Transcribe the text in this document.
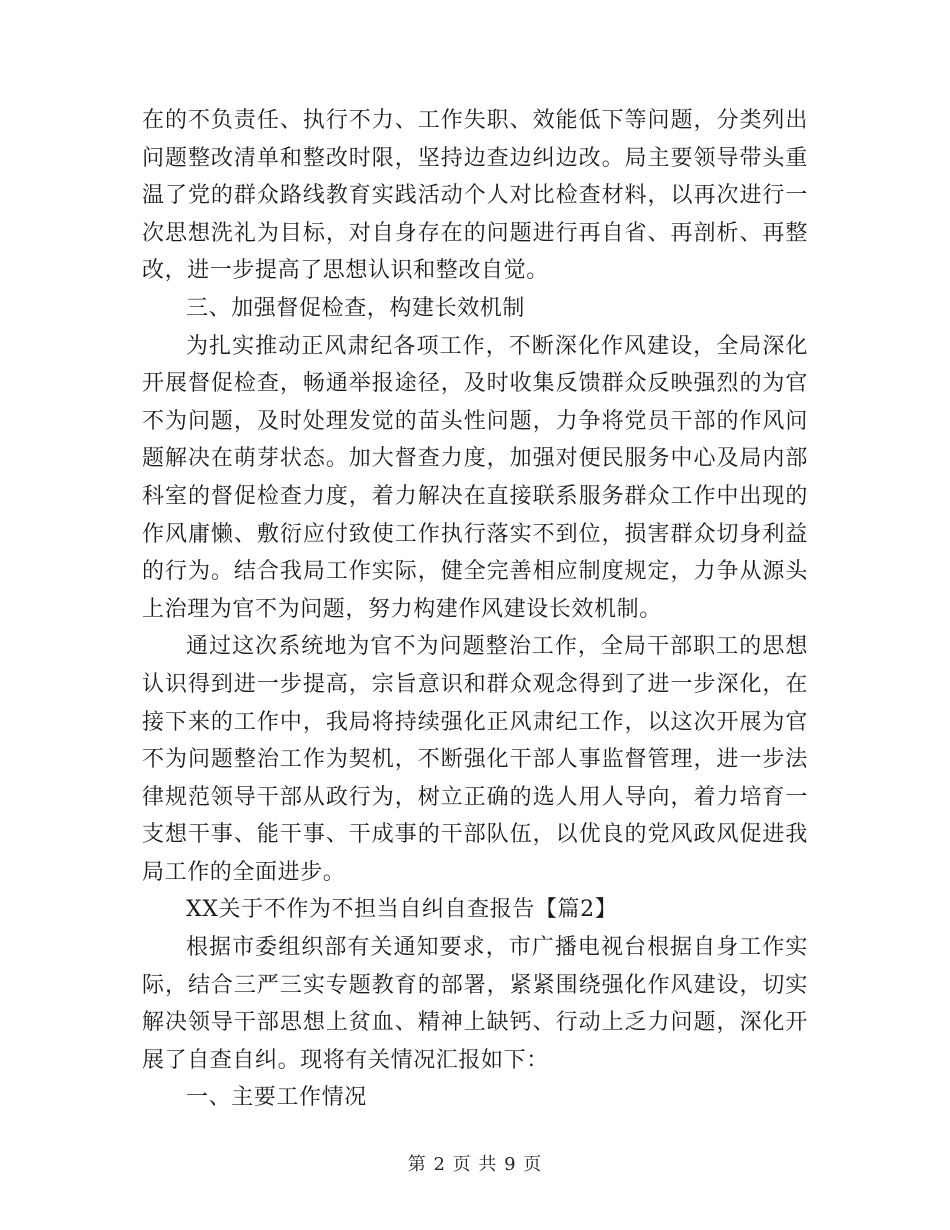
在的不负责任、执行不力、工作失职、效能低下等问题，分类列出问题整改清单和整改时限，坚持边查边纠边改。局主要领导带头重温了党的群众路线教育实践活动个人对比检查材料，以再次进行一次思想洗礼为目标，对自身存在的问题进行再自省、再剖析、再整改，进一步提高了思想认识和整改自觉。

三、加强督促检查，构建长效机制

为扎实推动正风肃纪各项工作，不断深化作风建设，全局深化开展督促检查，畅通举报途径，及时收集反馈群众反映强烈的为官不为问题，及时处理发觉的苗头性问题，力争将党员干部的作风问题解决在萌芽状态。加大督查力度，加强对便民服务中心及局内部科室的督促检查力度，着力解决在直接联系服务群众工作中出现的作风庸懒、敷衍应付致使工作执行落实不到位，损害群众切身利益的行为。结合我局工作实际，健全完善相应制度规定，力争从源头上治理为官不为问题，努力构建作风建设长效机制。

通过这次系统地为官不为问题整治工作，全局干部职工的思想认识得到进一步提高，宗旨意识和群众观念得到了进一步深化，在接下来的工作中，我局将持续强化正风肃纪工作，以这次开展为官不为问题整治工作为契机，不断强化干部人事监督管理，进一步法律规范领导干部从政行为，树立正确的选人用人导向，着力培育一支想干事、能干事、干成事的干部队伍，以优良的党风政风促进我局工作的全面进步。

XX关于不作为不担当自纠自查报告【篇2】

根据市委组织部有关通知要求，市广播电视台根据自身工作实际，结合三严三实专题教育的部署，紧紧围绕强化作风建设，切实解决领导干部思想上贫血、精神上缺钙、行动上乏力问题，深化开展了自查自纠。现将有关情况汇报如下：

一、主要工作情况

第 2 页 共 9 页
